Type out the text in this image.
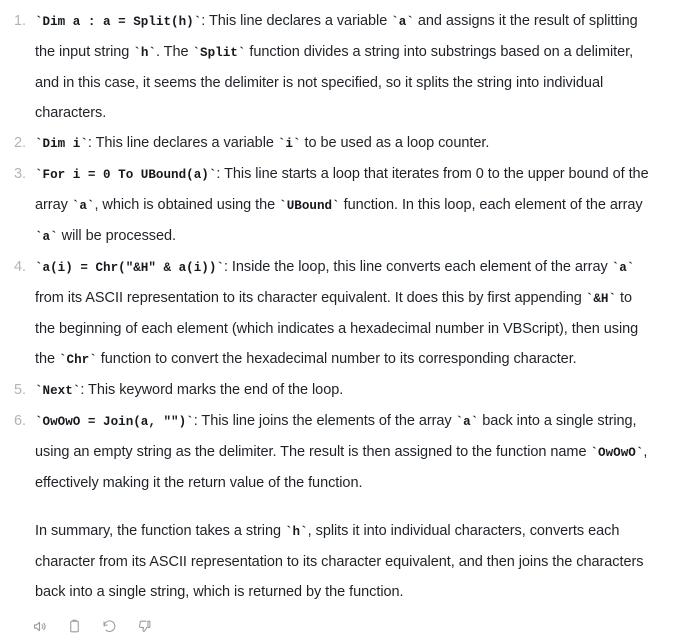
`Dim a : a = Split(h)`: This line declares a variable `a` and assigns it the result of splitting the input string `h`. The `Split` function divides a string into substrings based on a delimiter, and in this case, it seems the delimiter is not specified, so it splits the string into individual characters.
`Dim i`: This line declares a variable `i` to be used as a loop counter.
`For i = 0 To UBound(a)`: This line starts a loop that iterates from 0 to the upper bound of the array `a`, which is obtained using the `UBound` function. In this loop, each element of the array `a` will be processed.
`a(i) = Chr("&H" & a(i))`: Inside the loop, this line converts each element of the array `a` from its ASCII representation to its character equivalent. It does this by first appending `&H` to the beginning of each element (which indicates a hexadecimal number in VBScript), then using the `Chr` function to convert the hexadecimal number to its corresponding character.
`Next`: This keyword marks the end of the loop.
`OwOwO = Join(a, "")`: This line joins the elements of the array `a` back into a single string, using an empty string as the delimiter. The result is then assigned to the function name `OwOwO`, effectively making it the return value of the function.

In summary, the function takes a string `h`, splits it into individual characters, converts each character from its ASCII representation to its character equivalent, and then joins the characters back into a single string, which is returned by the function.
